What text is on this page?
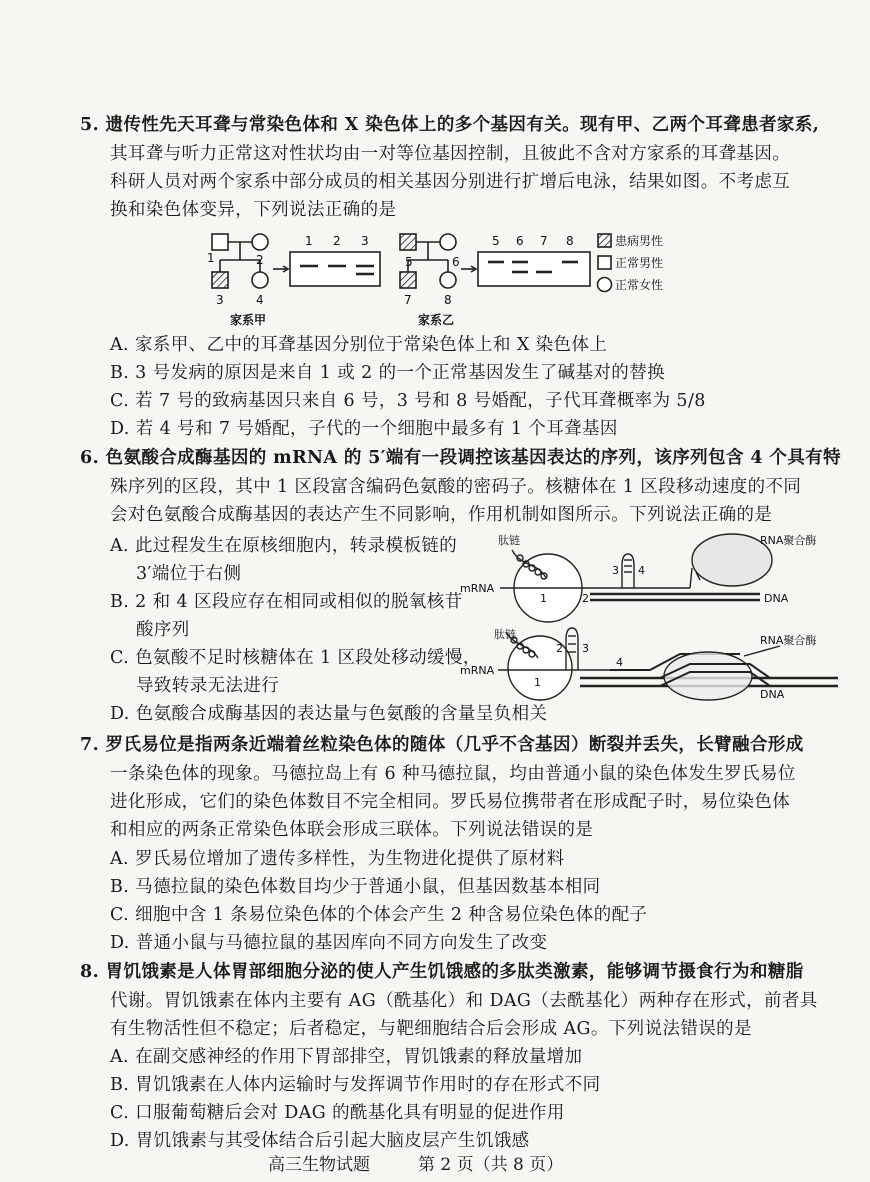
5. 遗传性先天耳聋与常染色体和 X 染色体上的多个基因有关。现有甲、乙两个耳聋患者家系,
其耳聋与听力正常这对性状均由一对等位基因控制，且彼此不含对方家系的耳聋基因。
科研人员对两个家系中部分成员的相关基因分别进行扩增后电泳，结果如图。不考虑互
换和染色体变异，下列说法正确的是
1	2
3	4
1 2 3
家系甲
5	6
7	8
5 6 7 8
家系乙
患病男性
正常男性
正常女性
A. 家系甲、乙中的耳聋基因分别位于常染色体上和 X 染色体上
B. 3 号发病的原因是来自 1 或 2 的一个正常基因发生了碱基对的替换
C. 若 7 号的致病基因只来自 6 号，3 号和 8 号婚配，子代耳聋概率为 5/8
D. 若 4 号和 7 号婚配，子代的一个细胞中最多有 1 个耳聋基因
6. 色氨酸合成酶基因的 mRNA 的 5′端有一段调控该基因表达的序列，该序列包含 4 个具有特
殊序列的区段，其中 1 区段富含编码色氨酸的密码子。核糖体在 1 区段移动速度的不同
会对色氨酸合成酶基因的表达产生不同影响，作用机制如图所示。下列说法正确的是
A. 此过程发生在原核细胞内，转录模板链的
3′端位于右侧
B. 2 和 4 区段应存在相同或相似的脱氧核苷
酸序列
C. 色氨酸不足时核糖体在 1 区段处移动缓慢，
导致转录无法进行
D. 色氨酸合成酶基因的表达量与色氨酸的含量呈负相关
肽链
mRNA
RNA聚合酶
DNA
1	2
3 4
肽链
mRNA
RNA聚合酶
DNA
1
2 3
4
7. 罗氏易位是指两条近端着丝粒染色体的随体（几乎不含基因）断裂并丢失，长臂融合形成
一条染色体的现象。马德拉岛上有 6 种马德拉鼠，均由普通小鼠的染色体发生罗氏易位
进化形成，它们的染色体数目不完全相同。罗氏易位携带者在形成配子时，易位染色体
和相应的两条正常染色体联会形成三联体。下列说法错误的是
A. 罗氏易位增加了遗传多样性，为生物进化提供了原材料
B. 马德拉鼠的染色体数目均少于普通小鼠，但基因数基本相同
C. 细胞中含 1 条易位染色体的个体会产生 2 种含易位染色体的配子
D. 普通小鼠与马德拉鼠的基因库向不同方向发生了改变
8. 胃饥饿素是人体胃部细胞分泌的使人产生饥饿感的多肽类激素，能够调节摄食行为和糖脂
代谢。胃饥饿素在体内主要有 AG（酰基化）和 DAG（去酰基化）两种存在形式，前者具
有生物活性但不稳定；后者稳定，与靶细胞结合后会形成 AG。下列说法错误的是
A. 在副交感神经的作用下胃部排空，胃饥饿素的释放量增加
B. 胃饥饿素在人体内运输时与发挥调节作用时的存在形式不同
C. 口服葡萄糖后会对 DAG 的酰基化具有明显的促进作用
D. 胃饥饿素与其受体结合后引起大脑皮层产生饥饿感
高三生物试题	第 2 页（共 8 页）
